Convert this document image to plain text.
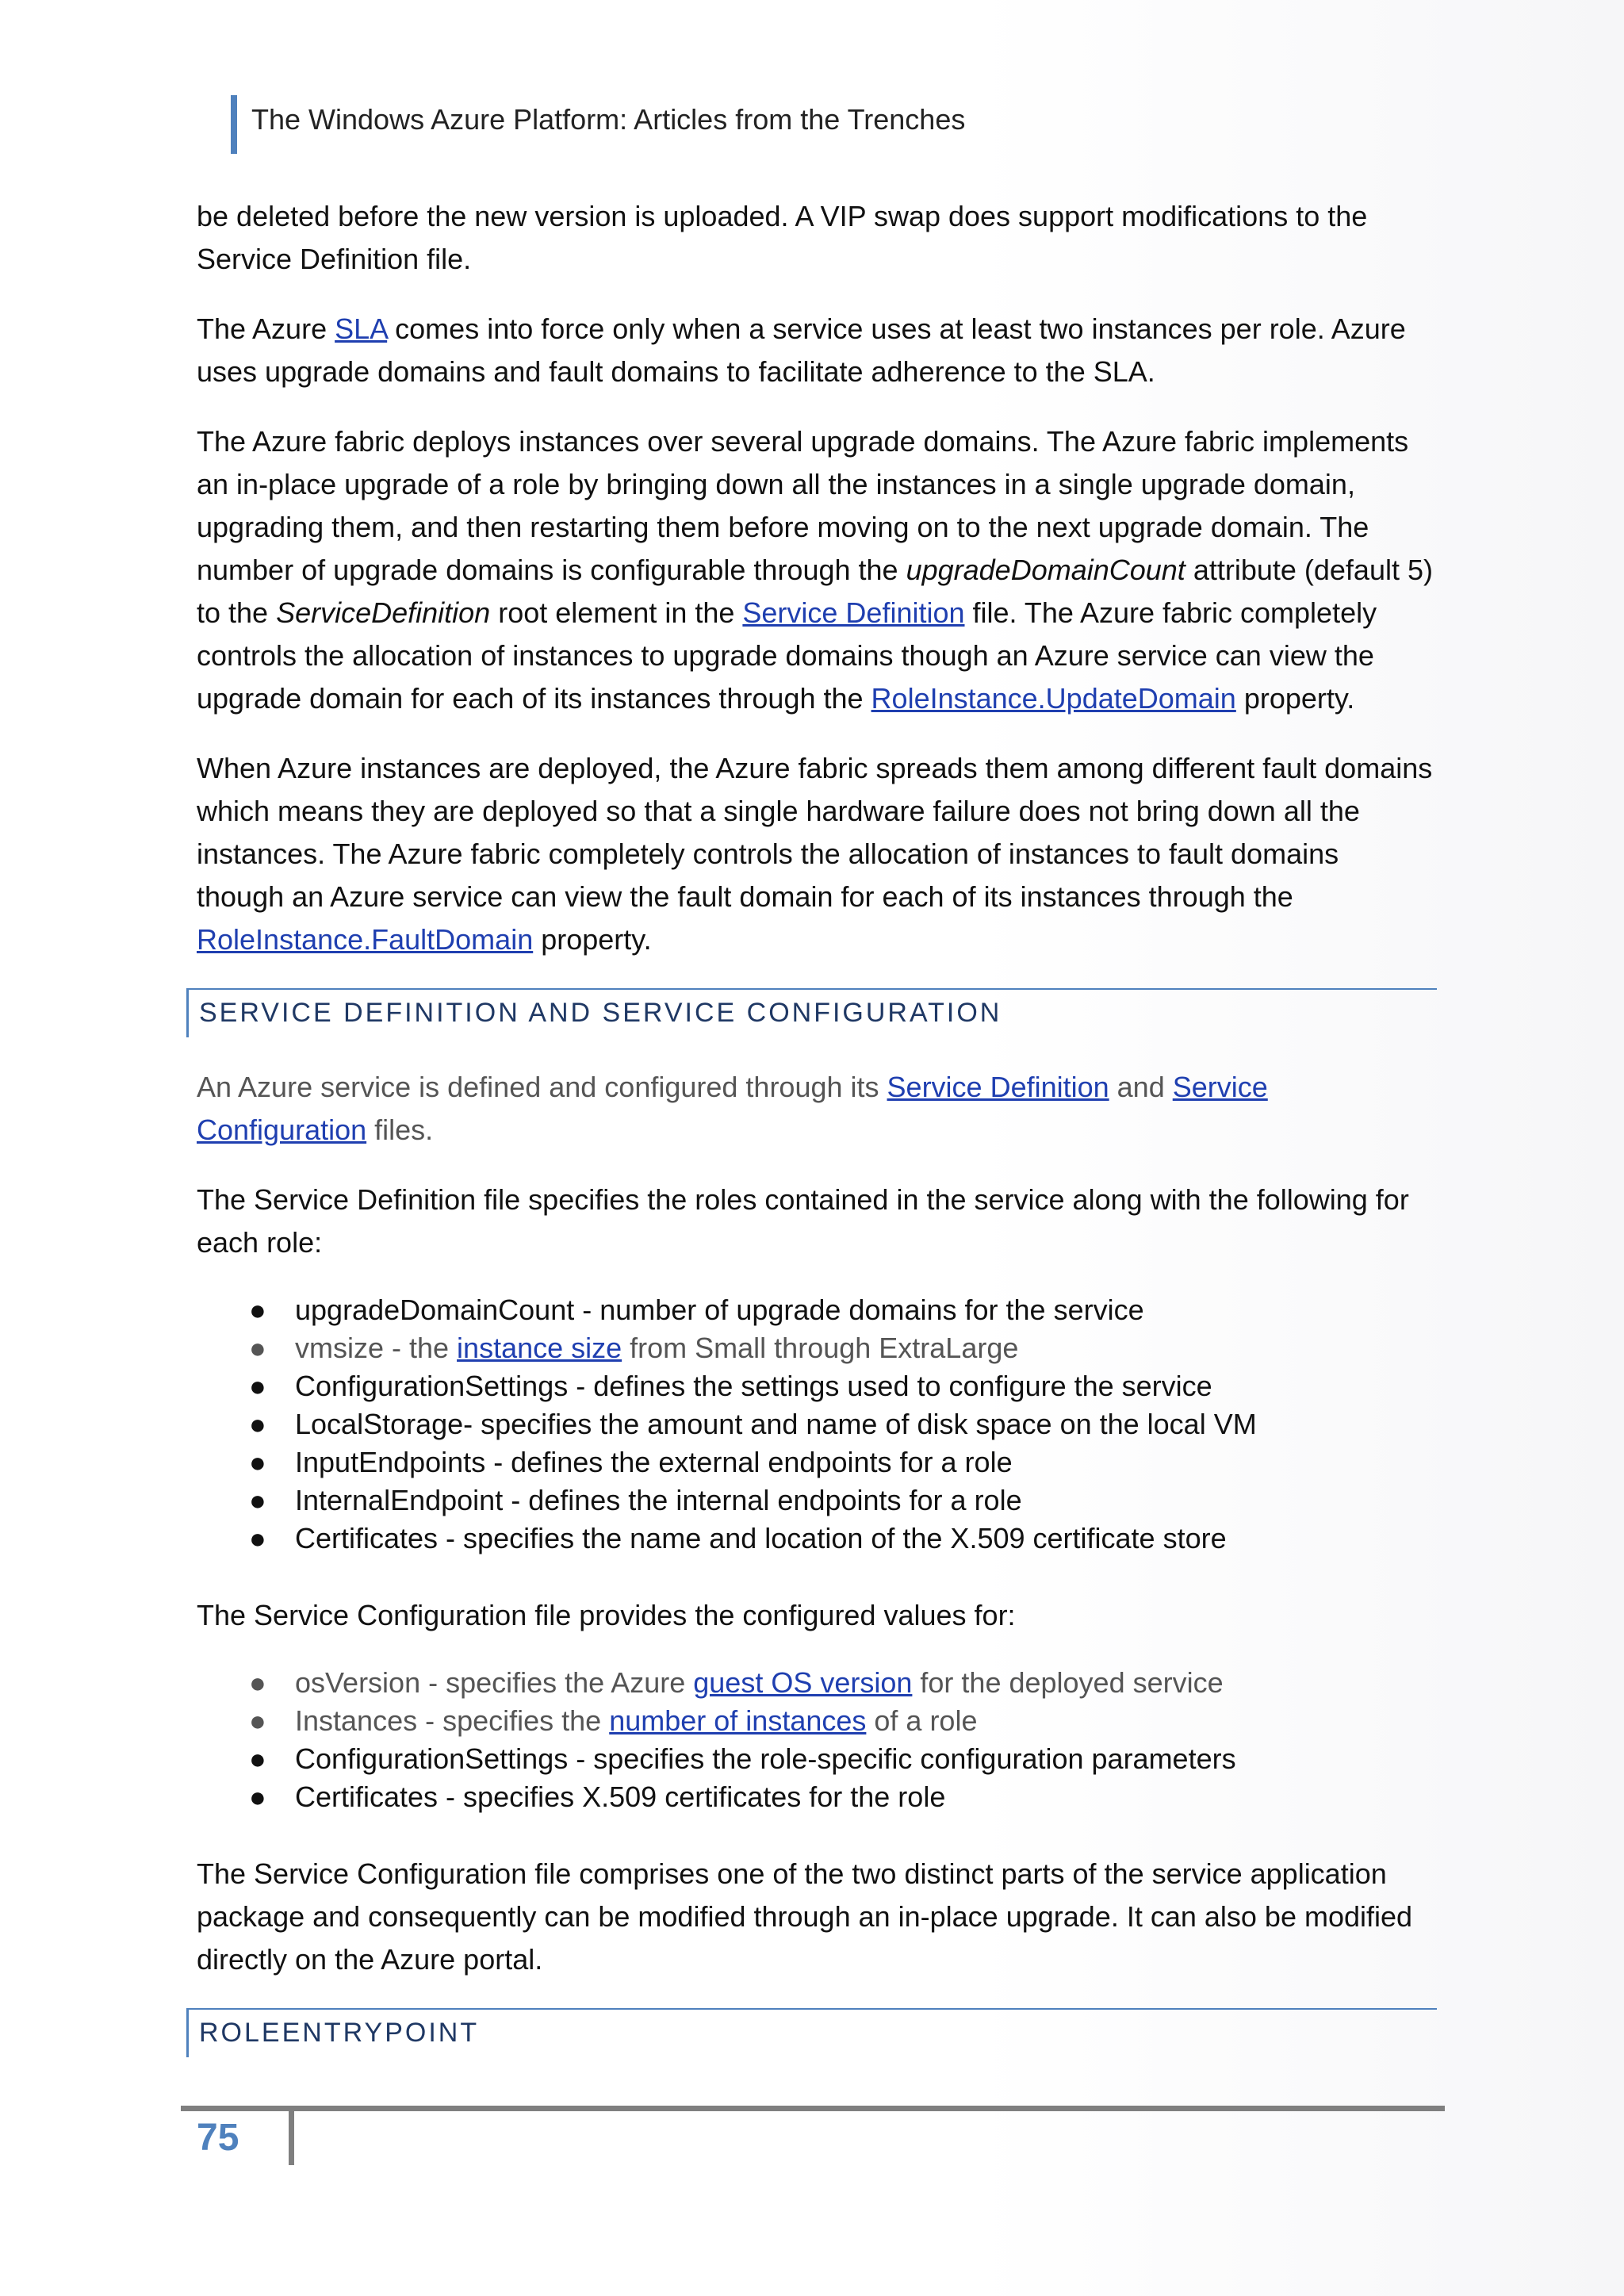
The Windows Azure Platform: Articles from the Trenches

be deleted before the new version is uploaded. A VIP swap does support modifications to the Service Definition file.

The Azure SLA comes into force only when a service uses at least two instances per role. Azure uses upgrade domains and fault domains to facilitate adherence to the SLA.

The Azure fabric deploys instances over several upgrade domains. The Azure fabric implements an in-place upgrade of a role by bringing down all the instances in a single upgrade domain, upgrading them, and then restarting them before moving on to the next upgrade domain. The number of upgrade domains is configurable through the upgradeDomainCount attribute (default 5) to the ServiceDefinition root element in the Service Definition file. The Azure fabric completely controls the allocation of instances to upgrade domains though an Azure service can view the upgrade domain for each of its instances through the RoleInstance.UpdateDomain property.

When Azure instances are deployed, the Azure fabric spreads them among different fault domains which means they are deployed so that a single hardware failure does not bring down all the instances. The Azure fabric completely controls the allocation of instances to fault domains though an Azure service can view the fault domain for each of its instances through the RoleInstance.FaultDomain property.

SERVICE DEFINITION AND SERVICE CONFIGURATION

An Azure service is defined and configured through its Service Definition and Service Configuration files.

The Service Definition file specifies the roles contained in the service along with the following for each role:

● upgradeDomainCount - number of upgrade domains for the service
● vmsize - the instance size from Small through ExtraLarge
● ConfigurationSettings - defines the settings used to configure the service
● LocalStorage- specifies the amount and name of disk space on the local VM
● InputEndpoints - defines the external endpoints for a role
● InternalEndpoint - defines the internal endpoints for a role
● Certificates - specifies the name and location of the X.509 certificate store

The Service Configuration file provides the configured values for:

● osVersion - specifies the Azure guest OS version for the deployed service
● Instances - specifies the number of instances of a role
● ConfigurationSettings - specifies the role-specific configuration parameters
● Certificates - specifies X.509 certificates for the role

The Service Configuration file comprises one of the two distinct parts of the service application package and consequently can be modified through an in-place upgrade. It can also be modified directly on the Azure portal.

ROLEENTRYPOINT
75
